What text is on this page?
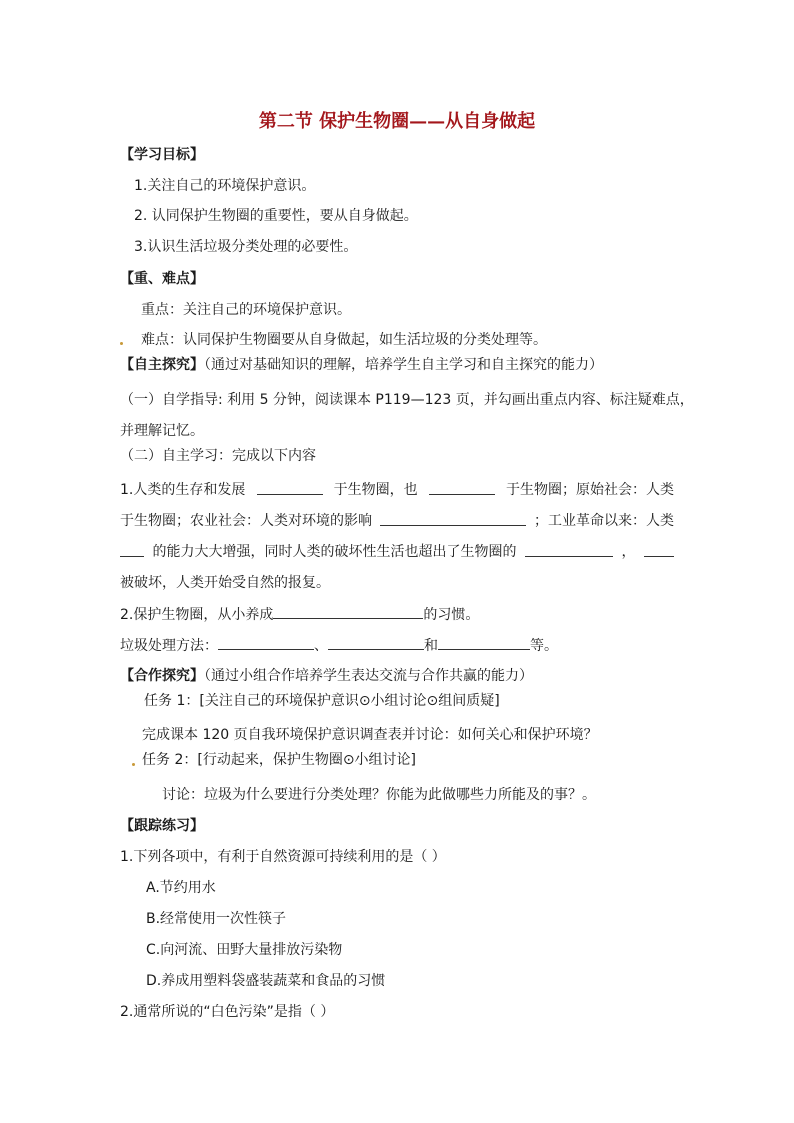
第二节 保护生物圈——从自身做起
【学习目标】
1.关注自己的环境保护意识。
2. 认同保护生物圈的重要性，要从自身做起。
3.认识生活垃圾分类处理的必要性。
【重、难点】
重点：关注自己的环境保护意识。
难点：认同保护生物圈要从自身做起，如生活垃圾的分类处理等。
【自主探究】（通过对基础知识的理解，培养学生自主学习和自主探究的能力）
（一）自学指导: 利用 5 分钟，阅读课本 P119—123 页，并勾画出重点内容、标注疑难点，
并理解记忆。
（二）自主学习：完成以下内容
1.人类的生存和发展	于生物圈，也	于生物圈；原始社会：人类
于生物圈；农业社会：人类对环境的影响	；工业革命以来：人类
的能力大大增强，同时人类的破坏性生活也超出了生物圈的	，
被破坏，人类开始受自然的报复。
2.保护生物圈，从小养成	的习惯。
垃圾处理方法：	、	和	等。
【合作探究】（通过小组合作培养学生表达交流与合作共赢的能力）
任务 1：[关注自己的环境保护意识⊙小组讨论⊙组间质疑]
完成课本 120 页自我环境保护意识调查表并讨论：如何关心和保护环境？
任务 2：[行动起来，保护生物圈⊙小组讨论]
讨论：垃圾为什么要进行分类处理？你能为此做哪些力所能及的事？。
【跟踪练习】
1.下列各项中，有利于自然资源可持续利用的是（ ）
A.节约用水
B.经常使用一次性筷子
C.向河流、田野大量排放污染物
D.养成用塑料袋盛装蔬菜和食品的习惯
2.通常所说的“白色污染”是指（ ）
